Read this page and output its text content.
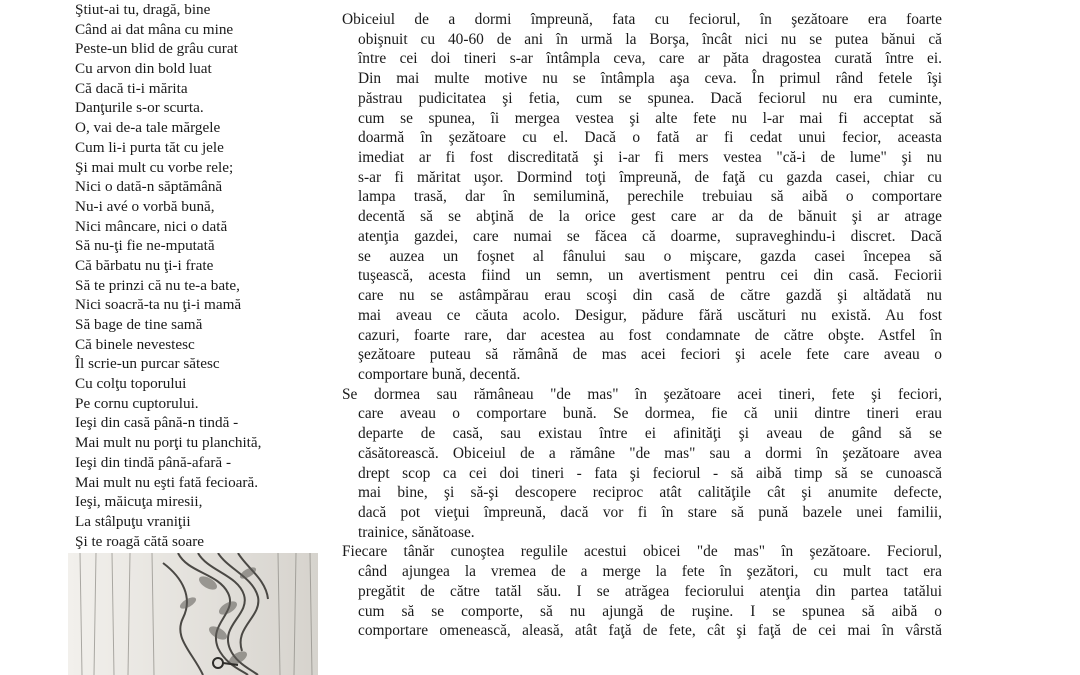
Ştiut-ai tu, dragă, bine
Când ai dat mâna cu mine
Peste-un blid de grâu curat
Cu arvon din bold luat
Că dacă ti-i mărita
Danţurile s-or scurta.
O, vai de-a tale mărgele
Cum li-i purta tăt cu jele
Şi mai mult cu vorbe rele;
Nici o dată-n săptămână
Nu-i avé o vorbă bună,
Nici mâncare, nici o dată
Să nu-ţi fie ne-mputată
Că bărbatu nu ţi-i frate
Să te prinzi că nu te-a bate,
Nici soacră-ta nu ţi-i mamă
Să bage de tine samă
Că binele nevestesc
Îl scrie-un purcar sătesc
Cu colţu toporului
Pe cornu cuptorului.
Ieşi din casă până-n tindă -
Mai mult nu porţi tu planchită,
Ieşi din tindă până-afară -
Mai mult nu eşti fată fecioară.
Ieşi, măicuţa miresii,
La stâlpuţu vraniţii
Şi te roagă cătă soare
Obiceiul de a dormi împreună, fata cu feciorul, în şezătoare era foarte
obişnuit cu 40-60 de ani în urmă la Borşa, încât nici nu se putea bănui că
între cei doi tineri s-ar întâmpla ceva, care ar păta dragostea curată între ei.
Din mai multe motive nu se întâmpla aşa ceva. În primul rând fetele îşi
păstrau pudicitatea şi fetia, cum se spunea. Dacă feciorul nu era cuminte,
cum se spunea, îi mergea vestea şi alte fete nu l-ar mai fi acceptat să
doarmă în şezătoare cu el. Dacă o fată ar fi cedat unui fecior, aceasta
imediat ar fi fost discreditată şi i-ar fi mers vestea "că-i de lume" şi nu
s-ar fi măritat uşor. Dormind toţi împreună, de faţă cu gazda casei, chiar cu
lampa trasă, dar în semilumină, perechile trebuiau să aibă o comportare
decentă să se abţină de la orice gest care ar da de bănuit şi ar atrage
atenţia gazdei, care numai se făcea că doarme, supraveghindu-i discret. Dacă
se auzea un foşnet al fânului sau o mişcare, gazda casei începea să
tuşească, acesta fiind un semn, un avertisment pentru cei din casă. Feciorii
care nu se astâmpărau erau scoşi din casă de către gazdă şi altădată nu
mai aveau ce căuta acolo. Desigur, pădure fără uscături nu există. Au fost
cazuri, foarte rare, dar acestea au fost condamnate de către obşte. Astfel în
şezătoare puteau să rămână de mas acei feciori şi acele fete care aveau o
comportare bună, decentă.
Se dormea sau rămâneau "de mas" în şezătoare acei tineri, fete şi feciori,
care aveau o comportare bună. Se dormea, fie că unii dintre tineri erau
departe de casă, sau existau între ei afinităţi şi aveau de gând să se
căsătorească. Obiceiul de a rămâne "de mas" sau a dormi în şezătoare avea
drept scop ca cei doi tineri - fata şi feciorul - să aibă timp să se cunoască
mai bine, şi să-şi descopere reciproc atât calităţile cât şi anumite defecte,
dacă pot vieţui împreună, dacă vor fi în stare să pună bazele unei familii,
trainice, sănătoase.
Fiecare tânăr cunoştea regulile acestui obicei "de mas" în şezătoare. Feciorul,
când ajungea la vremea de a merge la fete în şezători, cu mult tact era
pregătit de către tatăl său. I se atrăgea feciorului atenţia din partea tatălui
cum să se comporte, să nu ajungă de ruşine. I se spunea să aibă o
comportare omenească, aleasă, atât faţă de fete, cât şi faţă de cei mai în vârstă
